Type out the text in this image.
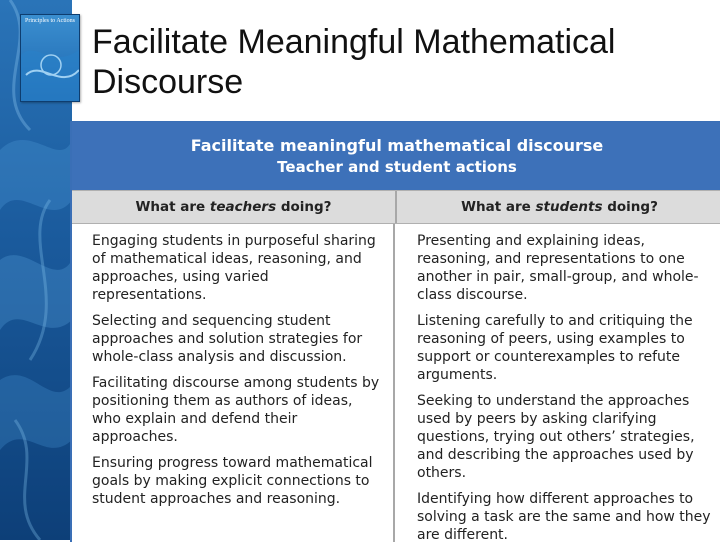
Principles to Actions
Facilitate Meaningful Mathematical
Discourse
Facilitate meaningful mathematical discourse
Teacher and student actions
What are
teachers
doing?	What are
students
doing?
Engaging students in purposeful sharing of mathematical ideas, reasoning, and approaches, using varied representations.
Selecting and sequencing student approaches and solution strategies for whole-class analysis and discussion.
Facilitating discourse among students by positioning them as authors of ideas, who explain and defend their approaches.
Ensuring progress toward mathematical goals by making explicit connections to student approaches and reasoning.
Presenting and explaining ideas, reasoning, and representations to one another in pair, small-group, and whole-class discourse.
Listening carefully to and critiquing the reasoning of peers, using examples to support or counterexamples to refute arguments.
Seeking to understand the approaches used by peers by asking clarifying questions, trying out others’ strategies, and describing the approaches used by others.
Identifying how different approaches to solving a task are the same and how they are different.
